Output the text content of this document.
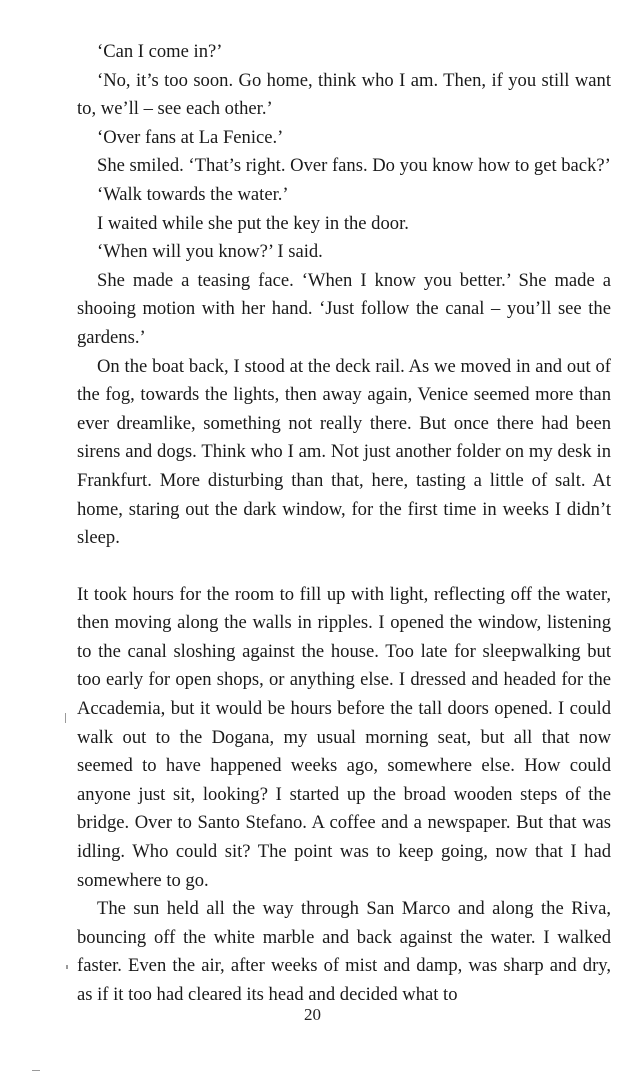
‘Can I come in?’

‘No, it’s too soon. Go home, think who I am. Then, if you still want to, we’ll – see each other.’

‘Over fans at La Fenice.’

She smiled. ‘That’s right. Over fans. Do you know how to get back?’

‘Walk towards the water.’

I waited while she put the key in the door.

‘When will you know?’ I said.

She made a teasing face. ‘When I know you better.’ She made a shooing motion with her hand. ‘Just follow the canal – you’ll see the gardens.’

On the boat back, I stood at the deck rail. As we moved in and out of the fog, towards the lights, then away again, Venice seemed more than ever dreamlike, something not really there. But once there had been sirens and dogs. Think who I am. Not just another folder on my desk in Frankfurt. More disturbing than that, here, tasting a little of salt. At home, staring out the dark window, for the first time in weeks I didn’t sleep.

It took hours for the room to fill up with light, reflecting off the water, then moving along the walls in ripples. I opened the window, listening to the canal sloshing against the house. Too late for sleepwalking but too early for open shops, or anything else. I dressed and headed for the Accademia, but it would be hours before the tall doors opened. I could walk out to the Dogana, my usual morning seat, but all that now seemed to have happened weeks ago, somewhere else. How could anyone just sit, looking? I started up the broad wooden steps of the bridge. Over to Santo Stefano. A coffee and a newspaper. But that was idling. Who could sit? The point was to keep going, now that I had somewhere to go.

The sun held all the way through San Marco and along the Riva, bouncing off the white marble and back against the water. I walked faster. Even the air, after weeks of mist and damp, was sharp and dry, as if it too had cleared its head and decided what to

20
